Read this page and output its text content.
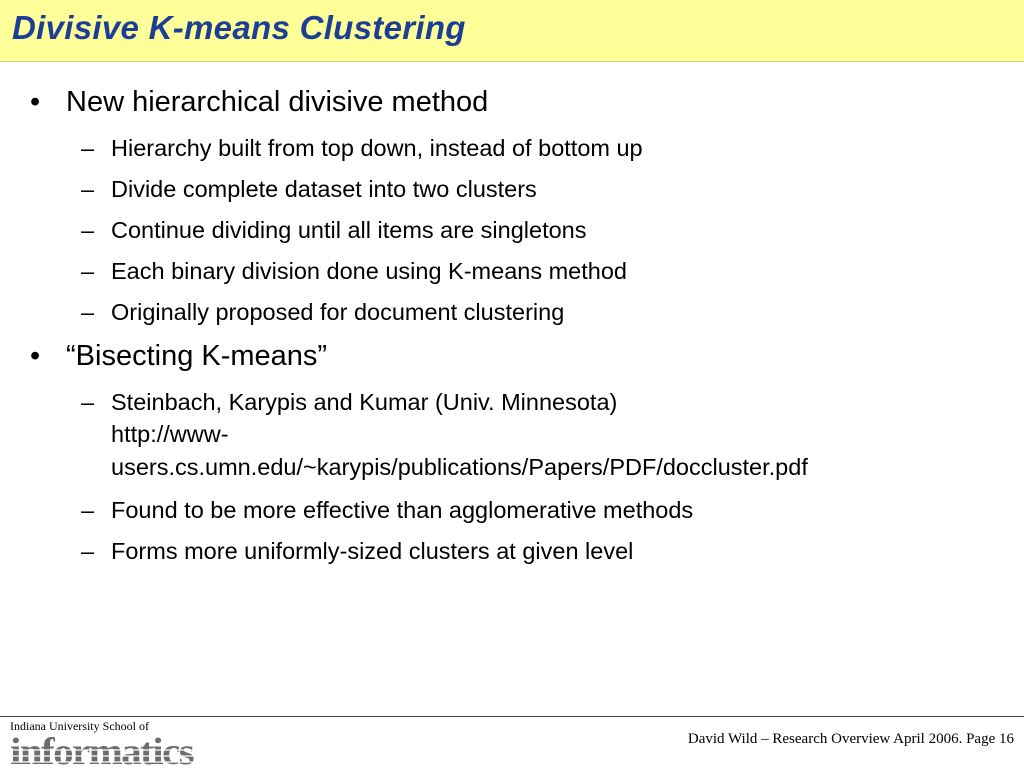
Divisive K-means Clustering
• New hierarchical divisive method
– Hierarchy built from top down, instead of bottom up
– Divide complete dataset into two clusters
– Continue dividing until all items are singletons
– Each binary division done using K-means method
– Originally proposed for document clustering
• “Bisecting K-means”
– Steinbach, Karypis and Kumar (Univ. Minnesota)
http://www-
users.cs.umn.edu/~karypis/publications/Papers/PDF/doccluster.pdf
– Found to be more effective than agglomerative methods
– Forms more uniformly-sized clusters at given level
Indiana University School of
informatics	David Wild – Research Overview April 2006. Page 16
